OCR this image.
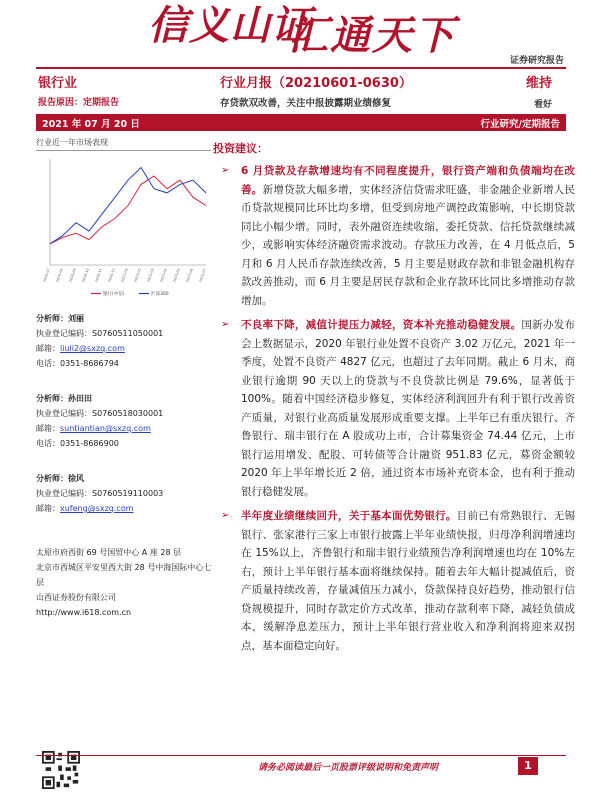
信义山证
汇通天下
证券研究报告
银行业	行业月报（20210601-0630）	维持
报告原因：定期报告	存贷款双改善，关注中报披露期业绩修复	看好
2021 年 07 月 20 日	行业研究/定期报告
行业近一年市场表现
2020-07 2020-08 2020-09 2020-10 2020-11 2020-12 2021-01 2021-02 2021-03 2021-04 2021-05 2021-06 2021-07
银行(中信)	沪深300
分析师：刘丽
执业登记编码：S0760511050001
邮箱：liuli2@sxzq.com
电话：0351-8686794
分析师：孙田田
执业登记编码：S0760518030001
邮箱：suntiantian@sxzq.com
电话：0351-8686900
分析师：徐风
执业登记编码：S0760519110003
邮箱：xufeng@sxzq.com
太原市府西街 69 号国贸中心 A 座 28 层
北京市西城区平安里西大街 28 号中海国际中心七层
山西证券股份有限公司
http://www.i618.com.cn
投资建议：
➢ 6 月贷款及存款增速均有不同程度提升，银行资产端和负债端均在改善。新增贷款大幅多增，实体经济信贷需求旺盛，非金融企业新增人民币贷款规模同比环比均多增，但受到房地产调控政策影响，中长期贷款同比小幅少增。同时，表外融资连续收缩，委托贷款、信托贷款继续减少，或影响实体经济融资需求波动。存款压力改善，在 4 月低点后，5 月和 6 月人民币存款连续改善，5 月主要是财政存款和非银金融机构存款改善推动，而 6 月主要是居民存款和企业存款环比同比多增推动存款增加。
➢ 不良率下降，减值计提压力减轻，资本补充推动稳健发展。国新办发布会上数据显示，2020 年银行业处置不良资产 3.02 万亿元，2021 年一季度，处置不良资产 4827 亿元，也超过了去年同期。截止 6 月末，商业银行逾期 90 天以上的贷款与不良贷款比例是 79.6%，显著低于 100%。随着中国经济稳步修复，实体经济利润回升有利于银行改善资产质量，对银行业高质量发展形成重要支撑。上半年已有重庆银行、齐鲁银行、瑞丰银行在 A 股成功上市，合计募集资金 74.44 亿元，上市银行运用增发、配股、可转债等合计融资 951.83 亿元，募资金额较 2020 年上半年增长近 2 倍，通过资本市场补充资本金，也有利于推动银行稳健发展。
➢ 半年度业绩继续回升，关于基本面优势银行。目前已有常熟银行、无锡银行、张家港行三家上市银行披露上半年业绩快报，归母净利润增速均在 15%以上，齐鲁银行和瑞丰银行业绩预告净利润增速也均在 10%左右，预计上半年银行基本面将继续保持。随着去年大幅计提减值后，资产质量持续改善，存量减值压力减小，贷款保持良好趋势，推动银行信贷规模提升，同时存款定价方式改革，推动存款利率下降，减轻负债成本，缓解净息差压力，预计上半年银行营业收入和净利润将迎来双拐点，基本面稳定向好。
请务必阅读最后一页股票评级说明和免责声明	1
